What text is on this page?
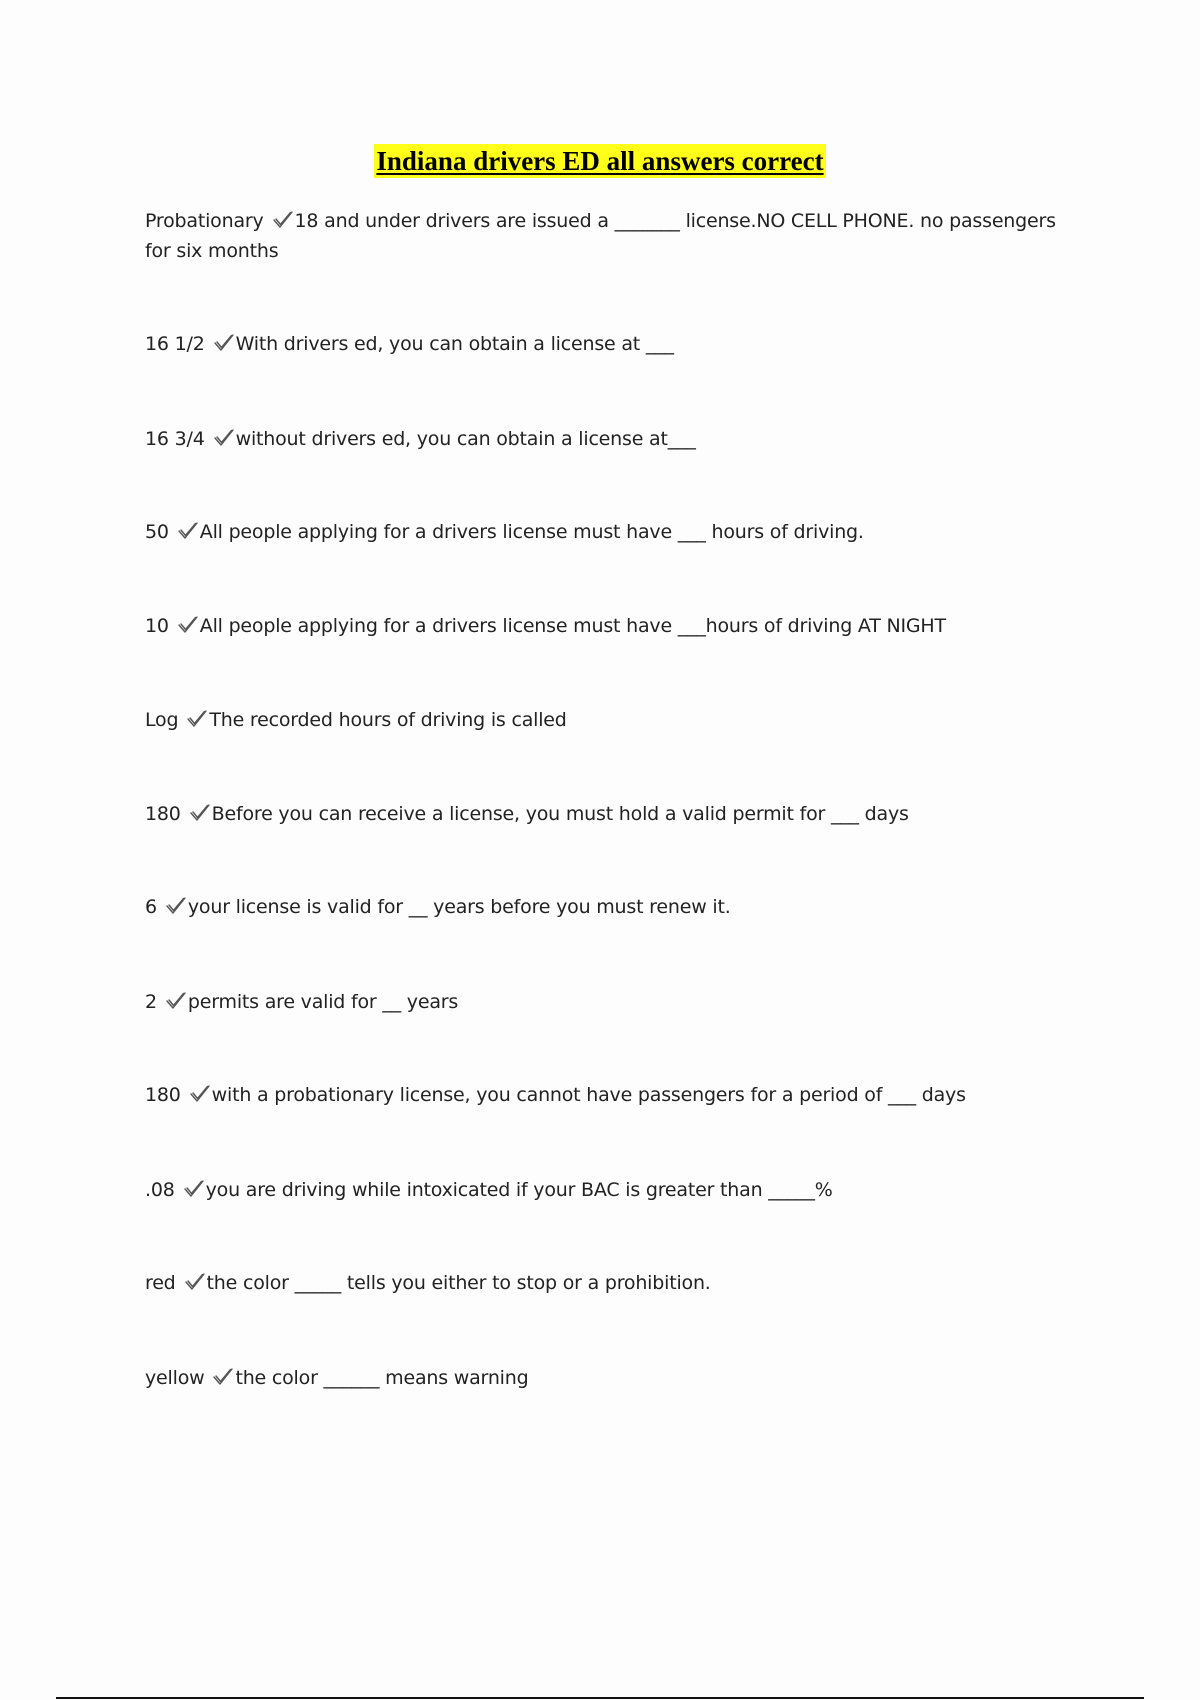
Indiana drivers ED all answers correct
Probationary 18 and under drivers are issued a _______ license.NO CELL PHONE. no passengers for six months
16 1/2 With drivers ed, you can obtain a license at ___
16 3/4 without drivers ed, you can obtain a license at___
50 All people applying for a drivers license must have ___ hours of driving.
10 All people applying for a drivers license must have ___hours of driving AT NIGHT
Log The recorded hours of driving is called
180 Before you can receive a license, you must hold a valid permit for ___ days
6 your license is valid for __ years before you must renew it.
2 permits are valid for __ years
180 with a probationary license, you cannot have passengers for a period of ___ days
.08 you are driving while intoxicated if your BAC is greater than _____%
red the color _____ tells you either to stop or a prohibition.
yellow the color ______ means warning
